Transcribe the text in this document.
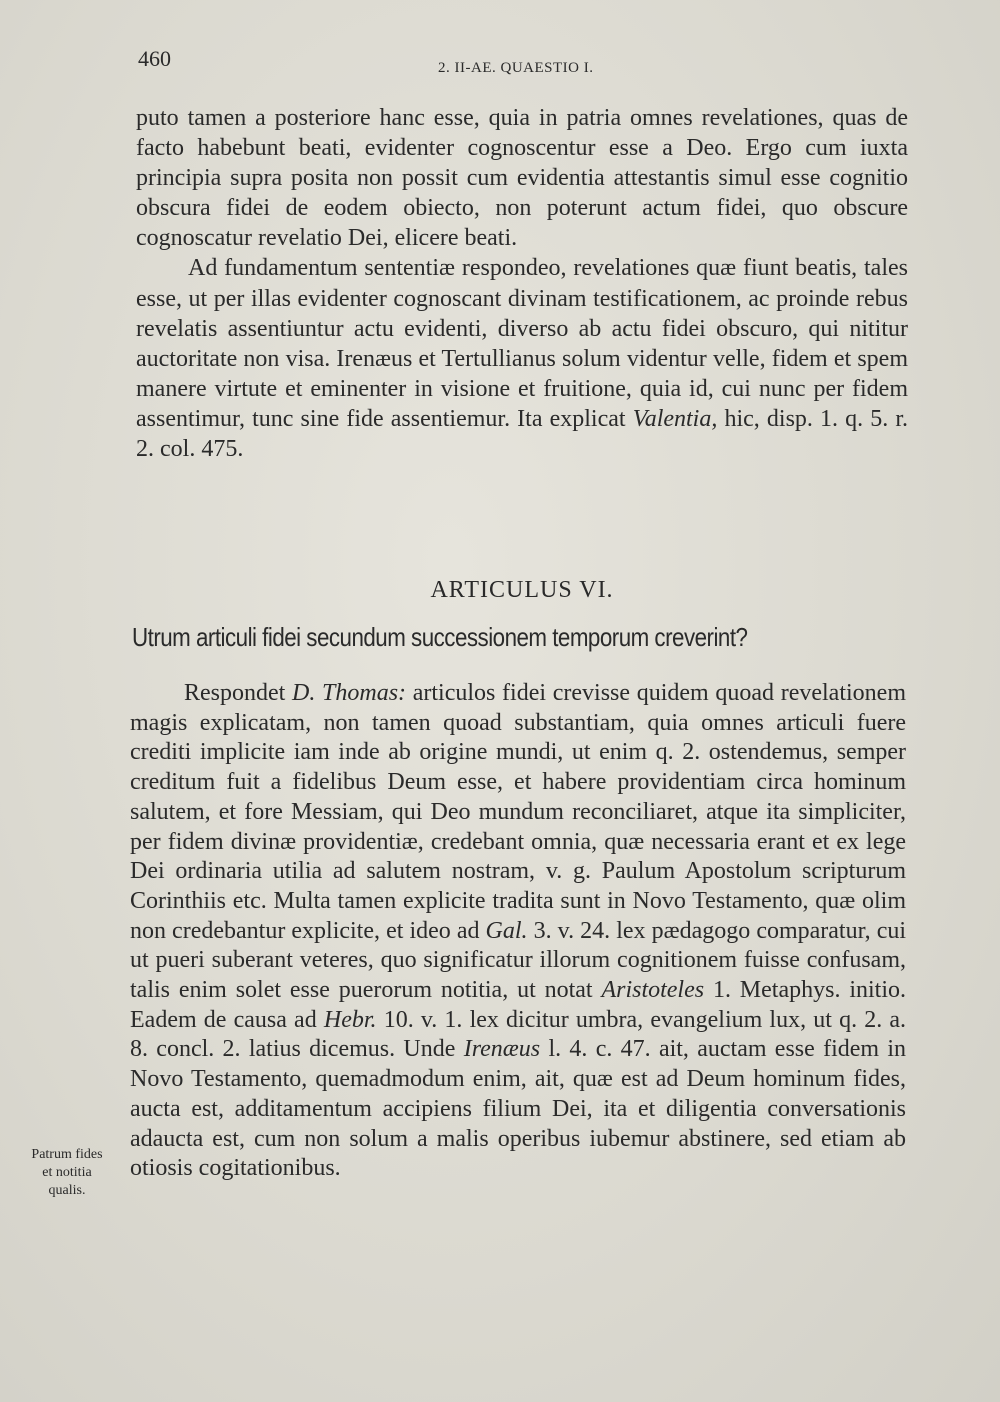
460	2. II-AE. QUAESTIO I.

puto tamen a posteriore hanc esse, quia in patria omnes revelationes, quas de facto habebunt beati, evidenter cognoscentur esse a Deo. Ergo cum iuxta principia supra posita non possit cum evidentia attestantis simul esse cognitio obscura fidei de eodem obiecto, non poterunt actum fidei, quo obscure cognoscatur revelatio Dei, elicere beati.

Ad fundamentum sententiæ respondeo, revelationes quæ fiunt beatis, tales esse, ut per illas evidenter cognoscant divinam testificationem, ac proinde rebus revelatis assentiuntur actu evidenti, diverso ab actu fidei obscuro, qui nititur auctoritate non visa. Irenæus et Tertullianus solum videntur velle, fidem et spem manere virtute et eminenter in visione et fruitione, quia id, cui nunc per fidem assentimur, tunc sine fide assentiemur. Ita explicat Valentia, hic, disp. 1. q. 5. r. 2. col. 475.

ARTICULUS VI.
Utrum articuli fidei secundum successionem temporum creverint?

Respondet D. Thomas: articulos fidei crevisse quidem quoad revelationem magis explicatam, non tamen quoad substantiam, quia omnes articuli fuere crediti implicite iam inde ab origine mundi, ut enim q. 2. ostendemus, semper creditum fuit a fidelibus Deum esse, et habere providentiam circa hominum salutem, et fore Messiam, qui Deo mundum reconciliaret, atque ita simpliciter, per fidem divinæ providentiæ, credebant omnia, quæ necessaria erant et ex lege Dei ordinaria utilia ad salutem nostram, v. g. Paulum Apostolum scripturum Corinthiis etc. Multa tamen explicite tradita sunt in Novo Testamento, quæ olim non credebantur explicite, et ideo ad Gal. 3. v. 24. lex pædagogo comparatur, cui ut pueri suberant veteres, quo significatur illorum cognitionem fuisse confusam, talis enim solet esse puerorum notitia, ut notat Aristoteles 1. Metaphys. initio. Eadem de causa ad Hebr. 10. v. 1. lex dicitur umbra, evangelium lux, ut q. 2. a. 8. concl. 2. latius dicemus. Unde Irenæus l. 4. c. 47. ait, auctam esse fidem in Novo Testamento, quemadmodum enim, ait, quæ est ad Deum hominum fides, aucta est, additamentum accipiens filium Dei, ita et diligentia conversationis adaucta est, cum non solum a malis operibus iubemur abstinere, sed etiam ab otiosis cogitationibus.

Patrum fides
et notitia
qualis.
